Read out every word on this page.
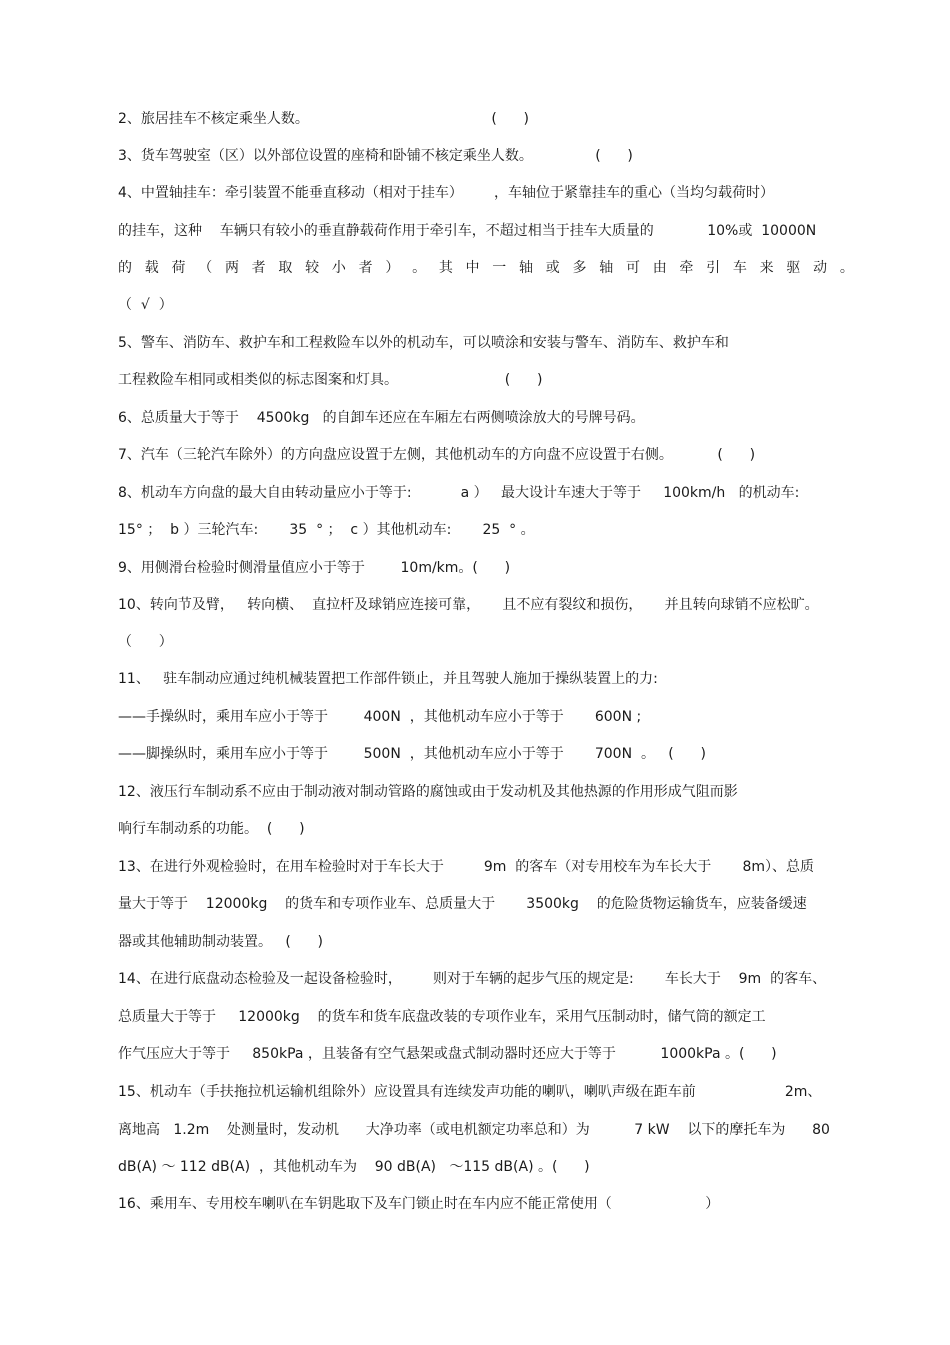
2、旅居挂车不核定乘坐人数。                                         (      )
3、货车驾驶室（区）以外部位设置的座椅和卧铺不核定乘坐人数。              (      )
4、中置轴挂车：牵引装置不能垂直移动（相对于挂车）       ，车轴位于紧靠挂车的重心（当均匀载荷时）
的挂车，这种    车辆只有较小的垂直静载荷作用于牵引车，不超过相当于挂车大质量的            10%或  10000N
的 载 荷 （ 两 者 取 较 小 者 ） 。 其 中 一 轴 或 多 轴 可 由 牵 引 车 来 驱 动 。
（  √  ）
5、警车、消防车、救护车和工程救险车以外的机动车，可以喷涂和安装与警车、消防车、救护车和
工程救险车相同或相类似的标志图案和灯具。                        (      )
6、总质量大于等于    4500kg   的自卸车还应在车厢左右两侧喷涂放大的号牌号码。
7、汽车（三轮汽车除外）的方向盘应设置于左侧，其他机动车的方向盘不应设置于右侧。          (      )
8、机动车方向盘的最大自由转动量应小于等于:           a ）   最大设计车速大于等于     100km/h   的机动车:
15° ；  b ）三轮汽车:       35  ° ；  c ）其他机动车:       25  ° 。
9、用侧滑台检验时侧滑量值应小于等于        10m/km。(      )
10、转向节及臂，   转向横、  直拉杆及球销应连接可靠，     且不应有裂纹和损伤，     并且转向球销不应松旷。
（      ）
11、   驻车制动应通过纯机械装置把工作部件锁止，并且驾驶人施加于操纵装置上的力:
——手操纵时，乘用车应小于等于        400N  ，其他机动车应小于等于       600N ;
——脚操纵时，乘用车应小于等于        500N  ，其他机动车应小于等于       700N  。   (      )
12、液压行车制动系不应由于制动液对制动管路的腐蚀或由于发动机及其他热源的作用形成气阻而影
响行车制动系的功能。  (      )
13、在进行外观检验时，在用车检验时对于车长大于         9m  的客车（对专用校车为车长大于       8m）、总质
量大于等于    12000kg    的货车和专项作业车、总质量大于       3500kg    的危险货物运输货车，应装备缓速
器或其他辅助制动装置。   (      )
14、在进行底盘动态检验及一起设备检验时，       则对于车辆的起步气压的规定是:       车长大于    9m  的客车、
总质量大于等于     12000kg    的货车和货车底盘改装的专项作业车，采用气压制动时，储气筒的额定工
作气压应大于等于     850kPa ，且装备有空气悬架或盘式制动器时还应大于等于          1000kPa 。(      )
15、机动车（手扶拖拉机运输机组除外）应设置具有连续发声功能的喇叭，喇叭声级在距车前                    2m、
离地高   1.2m    处测量时，发动机      大净功率（或电机额定功率总和）为          7 kW    以下的摩托车为      80
dB(A) ～ 112 dB(A)  ，其他机动车为    90 dB(A)   ～115 dB(A) 。(      )
16、乘用车、专用校车喇叭在车钥匙取下及车门锁止时在车内应不能正常使用（                     ）
